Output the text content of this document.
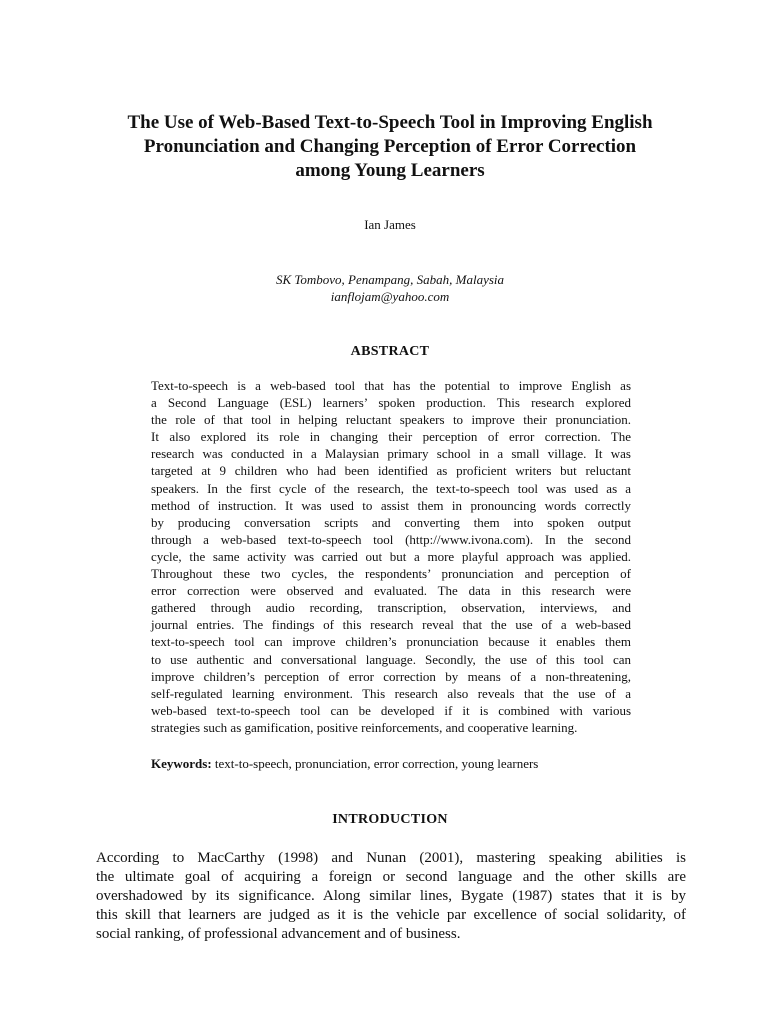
The Use of Web-Based Text-to-Speech Tool in Improving English
Pronunciation and Changing Perception of Error Correction
among Young Learners
Ian James
SK Tombovo, Penampang, Sabah, Malaysia
ianflojam@yahoo.com
ABSTRACT
Text-to-speech is a web-based tool that has the potential to improve English as
a Second Language (ESL) learners’ spoken production. This research explored
the role of that tool in helping reluctant speakers to improve their pronunciation.
It also explored its role in changing their perception of error correction. The
research was conducted in a Malaysian primary school in a small village. It was
targeted at 9 children who had been identified as proficient writers but reluctant
speakers. In the first cycle of the research, the text-to-speech tool was used as a
method of instruction. It was used to assist them in pronouncing words correctly
by producing conversation scripts and converting them into spoken output
through a web-based text-to-speech tool (http://www.ivona.com). In the second
cycle, the same activity was carried out but a more playful approach was applied.
Throughout these two cycles, the respondents’ pronunciation and perception of
error correction were observed and evaluated. The data in this research were
gathered through audio recording, transcription, observation, interviews, and
journal entries. The findings of this research reveal that the use of a web-based
text-to-speech tool can improve children’s pronunciation because it enables them
to use authentic and conversational language. Secondly, the use of this tool can
improve children’s perception of error correction by means of a non-threatening,
self-regulated learning environment. This research also reveals that the use of a
web-based text-to-speech tool can be developed if it is combined with various
strategies such as gamification, positive reinforcements, and cooperative learning.
Keywords: text-to-speech, pronunciation, error correction, young learners
INTRODUCTION
According to MacCarthy (1998) and Nunan (2001), mastering speaking abilities is
the ultimate goal of acquiring a foreign or second language and the other skills are
overshadowed by its significance. Along similar lines, Bygate (1987) states that it is by
this skill that learners are judged as it is the vehicle par excellence of social solidarity, of
social ranking, of professional advancement and of business.
